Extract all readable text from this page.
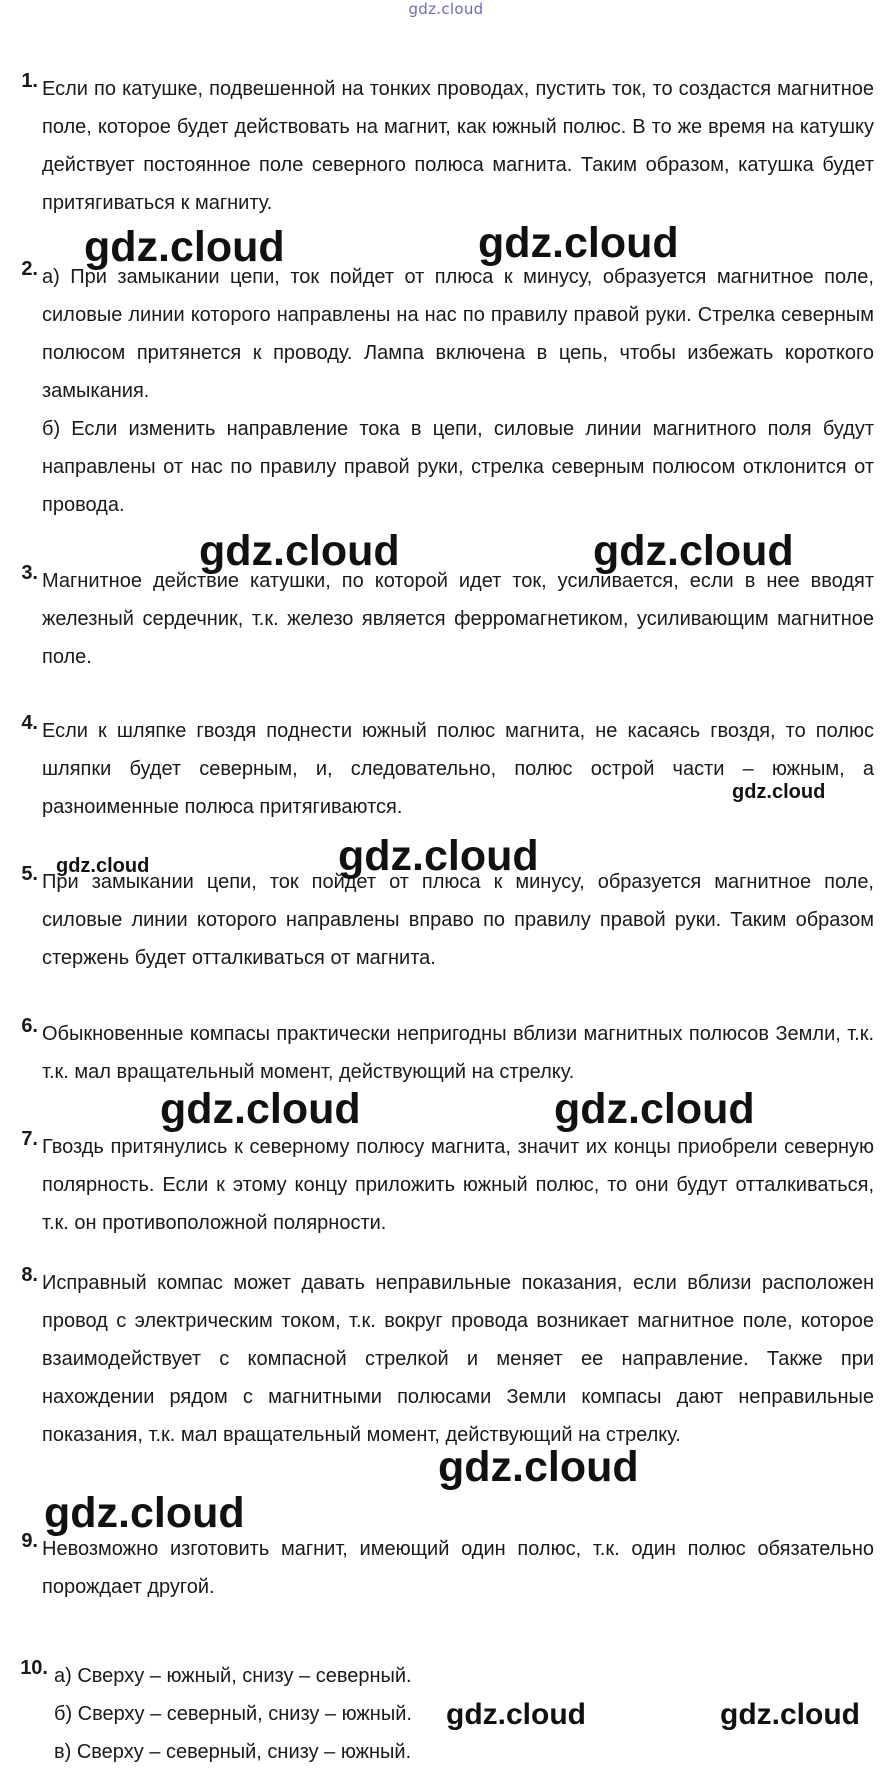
gdz.cloud
1. Если по катушке, подвешенной на тонких проводах, пустить ток, то создастся магнитное поле, которое будет действовать на магнит, как южный полюс. В то же время на катушку действует постоянное поле северного полюса магнита. Таким образом, катушка будет притягиваться к магниту.
2. а) При замыкании цепи, ток пойдет от плюса к минусу, образуется магнитное поле, силовые линии которого направлены на нас по правилу правой руки. Стрелка северным полюсом притянется к проводу. Лампа включена в цепь, чтобы избежать короткого замыкания.
б) Если изменить направление тока в цепи, силовые линии магнитного поля будут направлены от нас по правилу правой руки, стрелка северным полюсом отклонится от провода.
3. Магнитное действие катушки, по которой идет ток, усиливается, если в нее вводят железный сердечник, т.к. железо является ферромагнетиком, усиливающим магнитное поле.
4. Если к шляпке гвоздя поднести южный полюс магнита, не касаясь гвоздя, то полюс шляпки будет северным, и, следовательно, полюс острой части – южным, а разноименные полюса притягиваются.
5. При замыкании цепи, ток пойдет от плюса к минусу, образуется магнитное поле, силовые линии которого направлены вправо по правилу правой руки. Таким образом стержень будет отталкиваться от магнита.
6. Обыкновенные компасы практически непригодны вблизи магнитных полюсов Земли, т.к. т.к. мал вращательный момент, действующий на стрелку.
7. Гвоздь притянулись к северному полюсу магнита, значит их концы приобрели северную полярность. Если к этому концу приложить южный полюс, то они будут отталкиваться, т.к. он противоположной полярности.
8. Исправный компас может давать неправильные показания, если вблизи расположен провод с электрическим током, т.к. вокруг провода возникает магнитное поле, которое взаимодействует с компасной стрелкой и меняет ее направление. Также при нахождении рядом с магнитными полюсами Земли компасы дают неправильные показания, т.к. мал вращательный момент, действующий на стрелку.
9. Невозможно изготовить магнит, имеющий один полюс, т.к. один полюс обязательно порождает другой.
10. а) Сверху – южный, снизу – северный.
б) Сверху – северный, снизу – южный.
в) Сверху – северный, снизу – южный.
gdz.cloud	gdz.cloud
gdz.cloud	gdz.cloud
gdz.cloud
gdz.cloud	gdz.cloud
gdz.cloud	gdz.cloud
gdz.cloud
gdz.cloud
gdz.cloud	gdz.cloud
